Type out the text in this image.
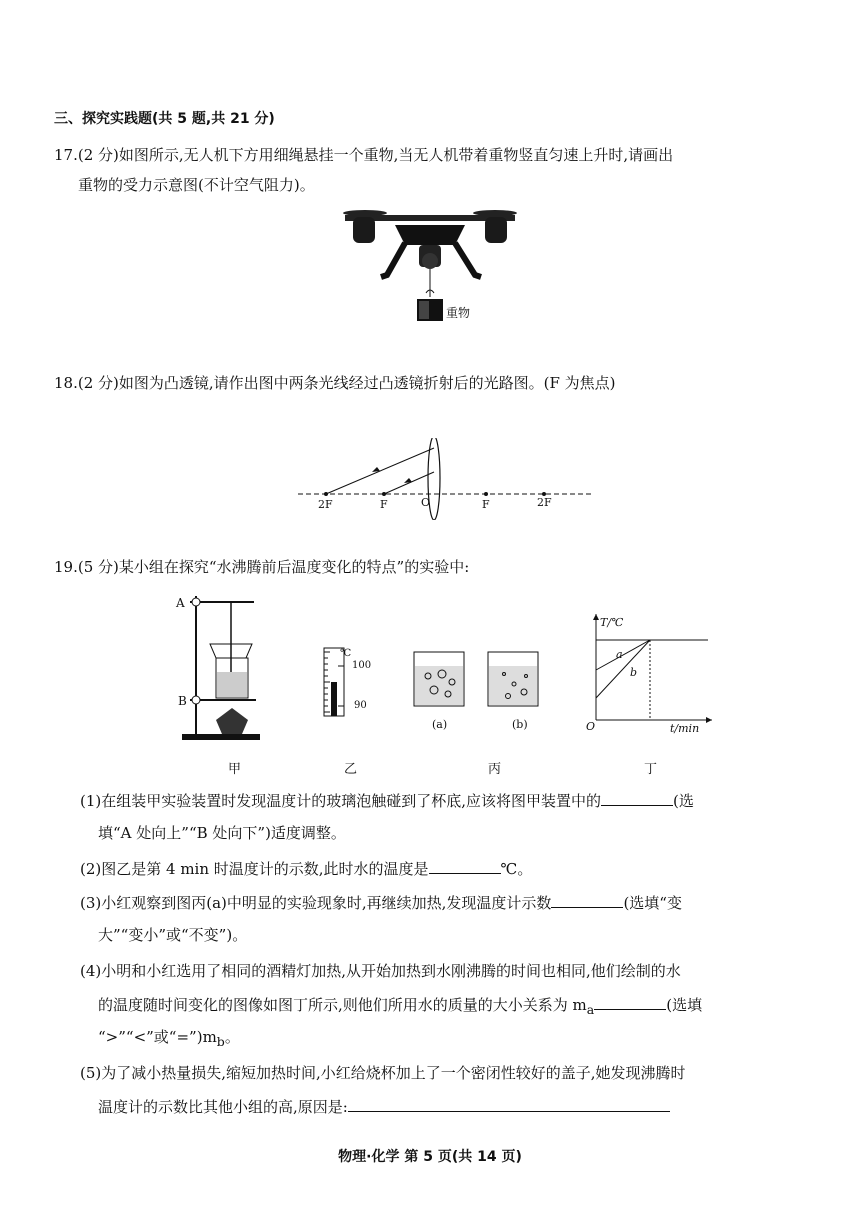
三、探究实践题(共 5 题,共 21 分)
17.(2 分)如图所示,无人机下方用细绳悬挂一个重物,当无人机带着重物竖直匀速上升时,请画出
重物的受力示意图(不计空气阻力)。
重物
18.(2 分)如图为凸透镜,请作出图中两条光线经过凸透镜折射后的光路图。(F 为焦点)
2F	F	O	F	2F
19.(5 分)某小组在探究“水沸腾前后温度变化的特点”的实验中:
A
B
℃
100
90
(a)	(b)
T/℃
t/min
O
a
b
甲	乙	丙	丁
(1)在组装甲实验装置时发现温度计的玻璃泡触碰到了杯底,应该将图甲装置中的	(选
填“A 处向上”“B 处向下”)适度调整。
(2)图乙是第 4 min 时温度计的示数,此时水的温度是	℃。
(3)小红观察到图丙(a)中明显的实验现象时,再继续加热,发现温度计示数	(选填“变
大”“变小”或“不变”)。
(4)小明和小红选用了相同的酒精灯加热,从开始加热到水刚沸腾的时间也相同,他们绘制的水
的温度随时间变化的图像如图丁所示,则他们所用水的质量的大小关系为 $m_a$	(选填
“>”“<”或“$=”)m_b$。
(5)为了减小热量损失,缩短加热时间,小红给烧杯加上了一个密闭性较好的盖子,她发现沸腾时
温度计的示数比其他小组的高,原因是:
物理·化学 第 5 页(共 14 页)
